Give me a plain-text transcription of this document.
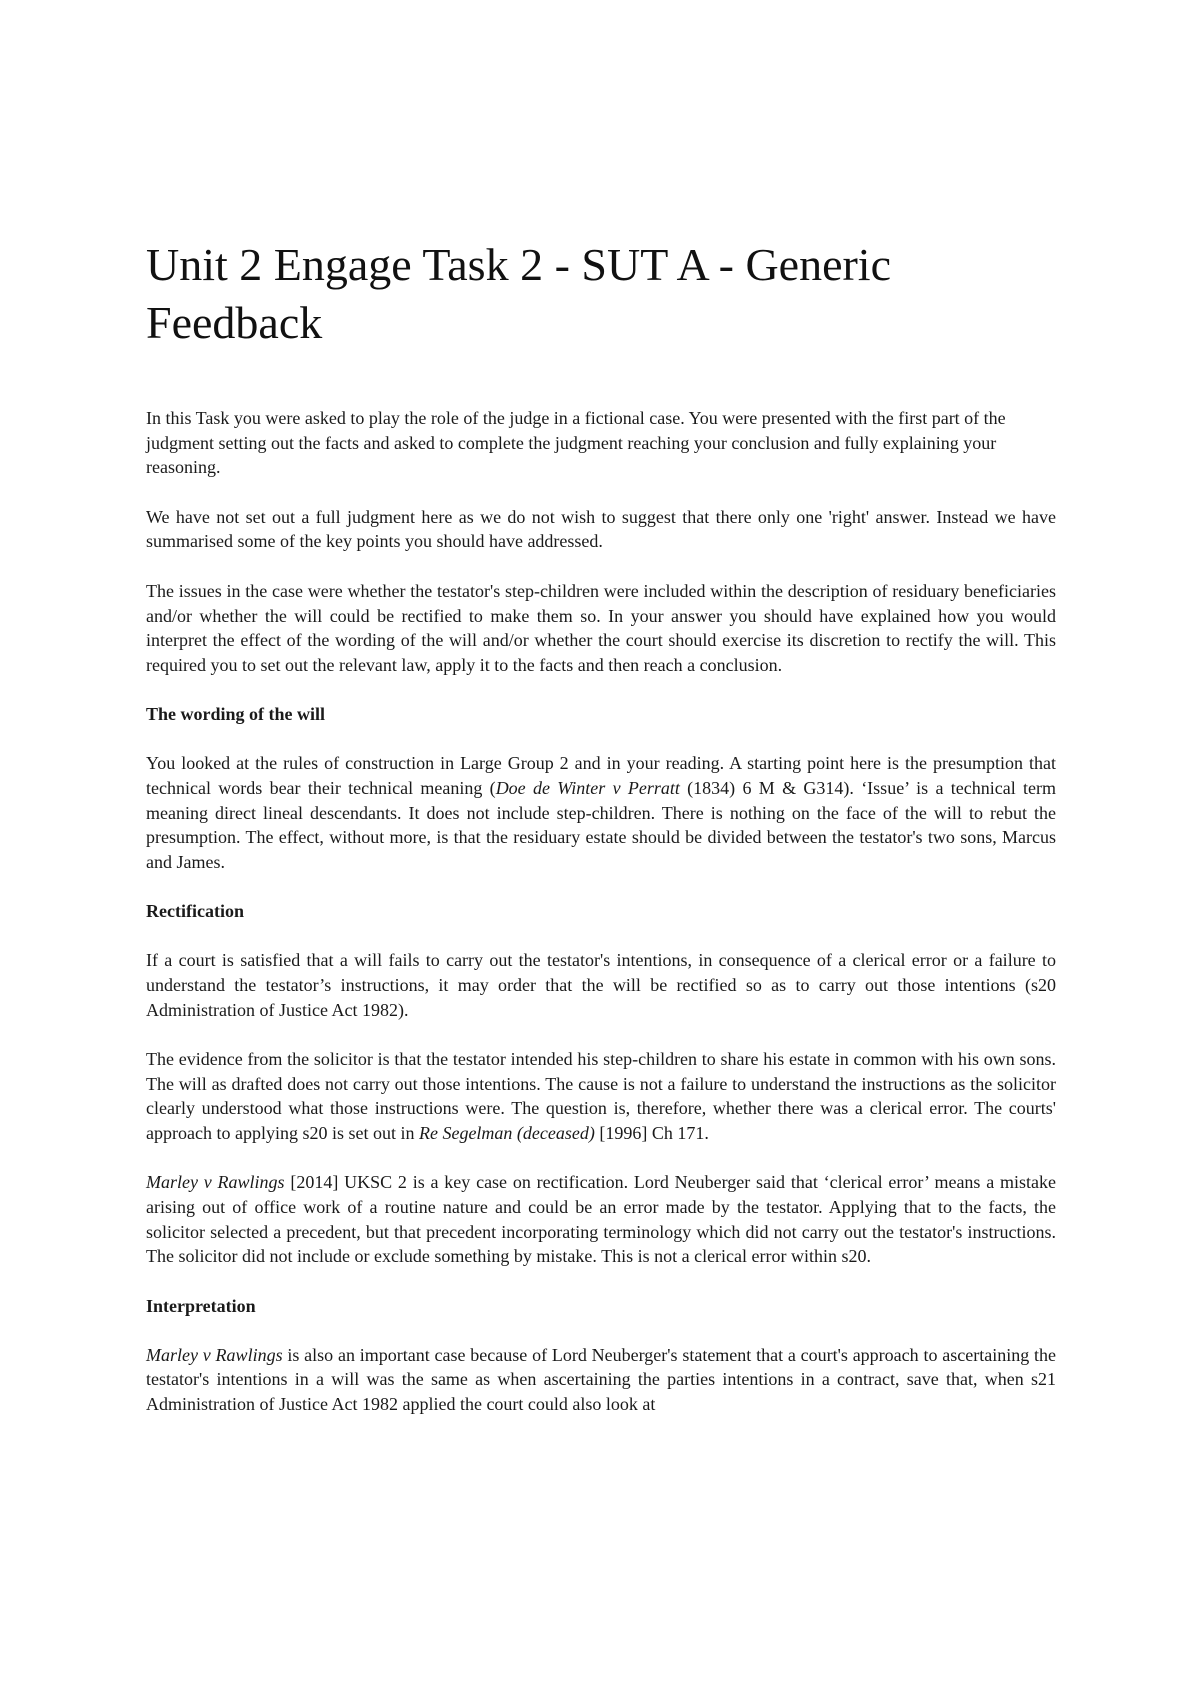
Unit 2 Engage Task 2 - SUT A - Generic Feedback

In this Task you were asked to play the role of the judge in a fictional case. You were presented with the first part of the judgment setting out the facts and asked to complete the judgment reaching your conclusion and fully explaining your reasoning.

We have not set out a full judgment here as we do not wish to suggest that there only one 'right' answer. Instead we have summarised some of the key points you should have addressed.

The issues in the case were whether the testator's step-children were included within the description of residuary beneficiaries and/or whether the will could be rectified to make them so. In your answer you should have explained how you would interpret the effect of the wording of the will and/or whether the court should exercise its discretion to rectify the will. This required you to set out the relevant law, apply it to the facts and then reach a conclusion.

The wording of the will

You looked at the rules of construction in Large Group 2 and in your reading. A starting point here is the presumption that technical words bear their technical meaning (Doe de Winter v Perratt (1834) 6 M & G314). ‘Issue’ is a technical term meaning direct lineal descendants. It does not include step-children. There is nothing on the face of the will to rebut the presumption. The effect, without more, is that the residuary estate should be divided between the testator's two sons, Marcus and James.

Rectification

If a court is satisfied that a will fails to carry out the testator's intentions, in consequence of a clerical error or a failure to understand the testator’s instructions, it may order that the will be rectified so as to carry out those intentions (s20 Administration of Justice Act 1982).

The evidence from the solicitor is that the testator intended his step-children to share his estate in common with his own sons. The will as drafted does not carry out those intentions. The cause is not a failure to understand the instructions as the solicitor clearly understood what those instructions were. The question is, therefore, whether there was a clerical error. The courts' approach to applying s20 is set out in Re Segelman (deceased) [1996] Ch 171.

Marley v Rawlings [2014] UKSC 2 is a key case on rectification. Lord Neuberger said that ‘clerical error’ means a mistake arising out of office work of a routine nature and could be an error made by the testator. Applying that to the facts, the solicitor selected a precedent, but that precedent incorporating terminology which did not carry out the testator's instructions. The solicitor did not include or exclude something by mistake. This is not a clerical error within s20.

Interpretation

Marley v Rawlings is also an important case because of Lord Neuberger's statement that a court's approach to ascertaining the testator's intentions in a will was the same as when ascertaining the parties intentions in a contract, save that, when s21 Administration of Justice Act 1982 applied the court could also look at
